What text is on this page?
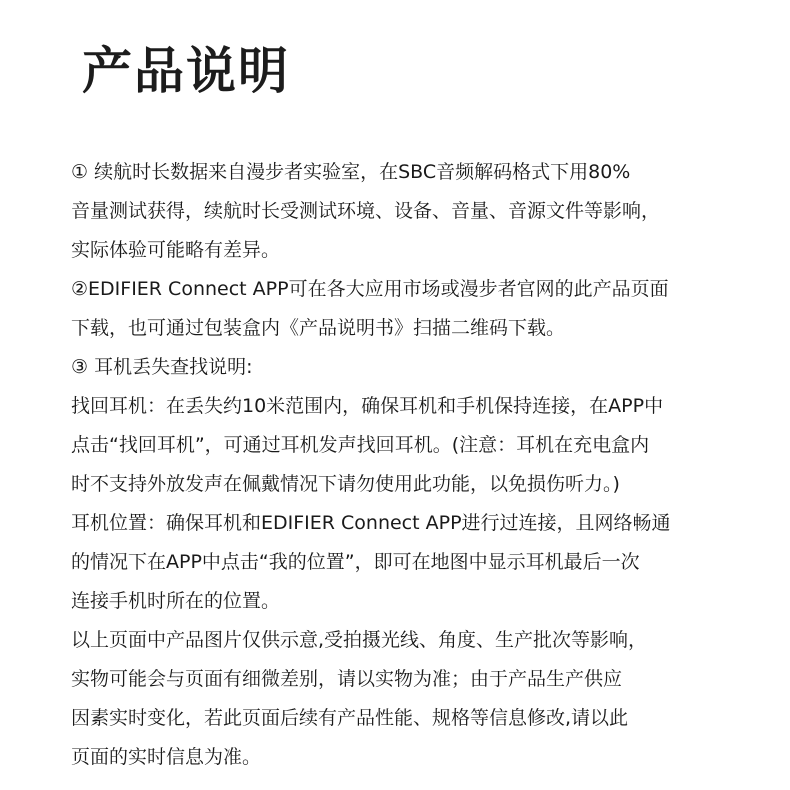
产品说明
① 续航时长数据来自漫步者实验室，在SBC音频解码格式下用80%
音量测试获得，续航时长受测试环境、设备、音量、音源文件等影响，
实际体验可能略有差异。
②EDIFIER Connect APP可在各大应用市场或漫步者官网的此产品页面
下载，也可通过包装盒内《产品说明书》扫描二维码下载。
③ 耳机丢失查找说明:
找回耳机：在丢失约10米范围内，确保耳机和手机保持连接，在APP中
点击“找回耳机”，可通过耳机发声找回耳机。(注意：耳机在充电盒内
时不支持外放发声在佩戴情况下请勿使用此功能，以免损伤听力。)
耳机位置：确保耳机和EDIFIER Connect APP进行过连接，且网络畅通
的情况下在APP中点击“我的位置”，即可在地图中显示耳机最后一次
连接手机时所在的位置。
以上页面中产品图片仅供示意,受拍摄光线、角度、生产批次等影响，
实物可能会与页面有细微差别，请以实物为准；由于产品生产供应
因素实时变化，若此页面后续有产品性能、规格等信息修改,请以此
页面的实时信息为准。
